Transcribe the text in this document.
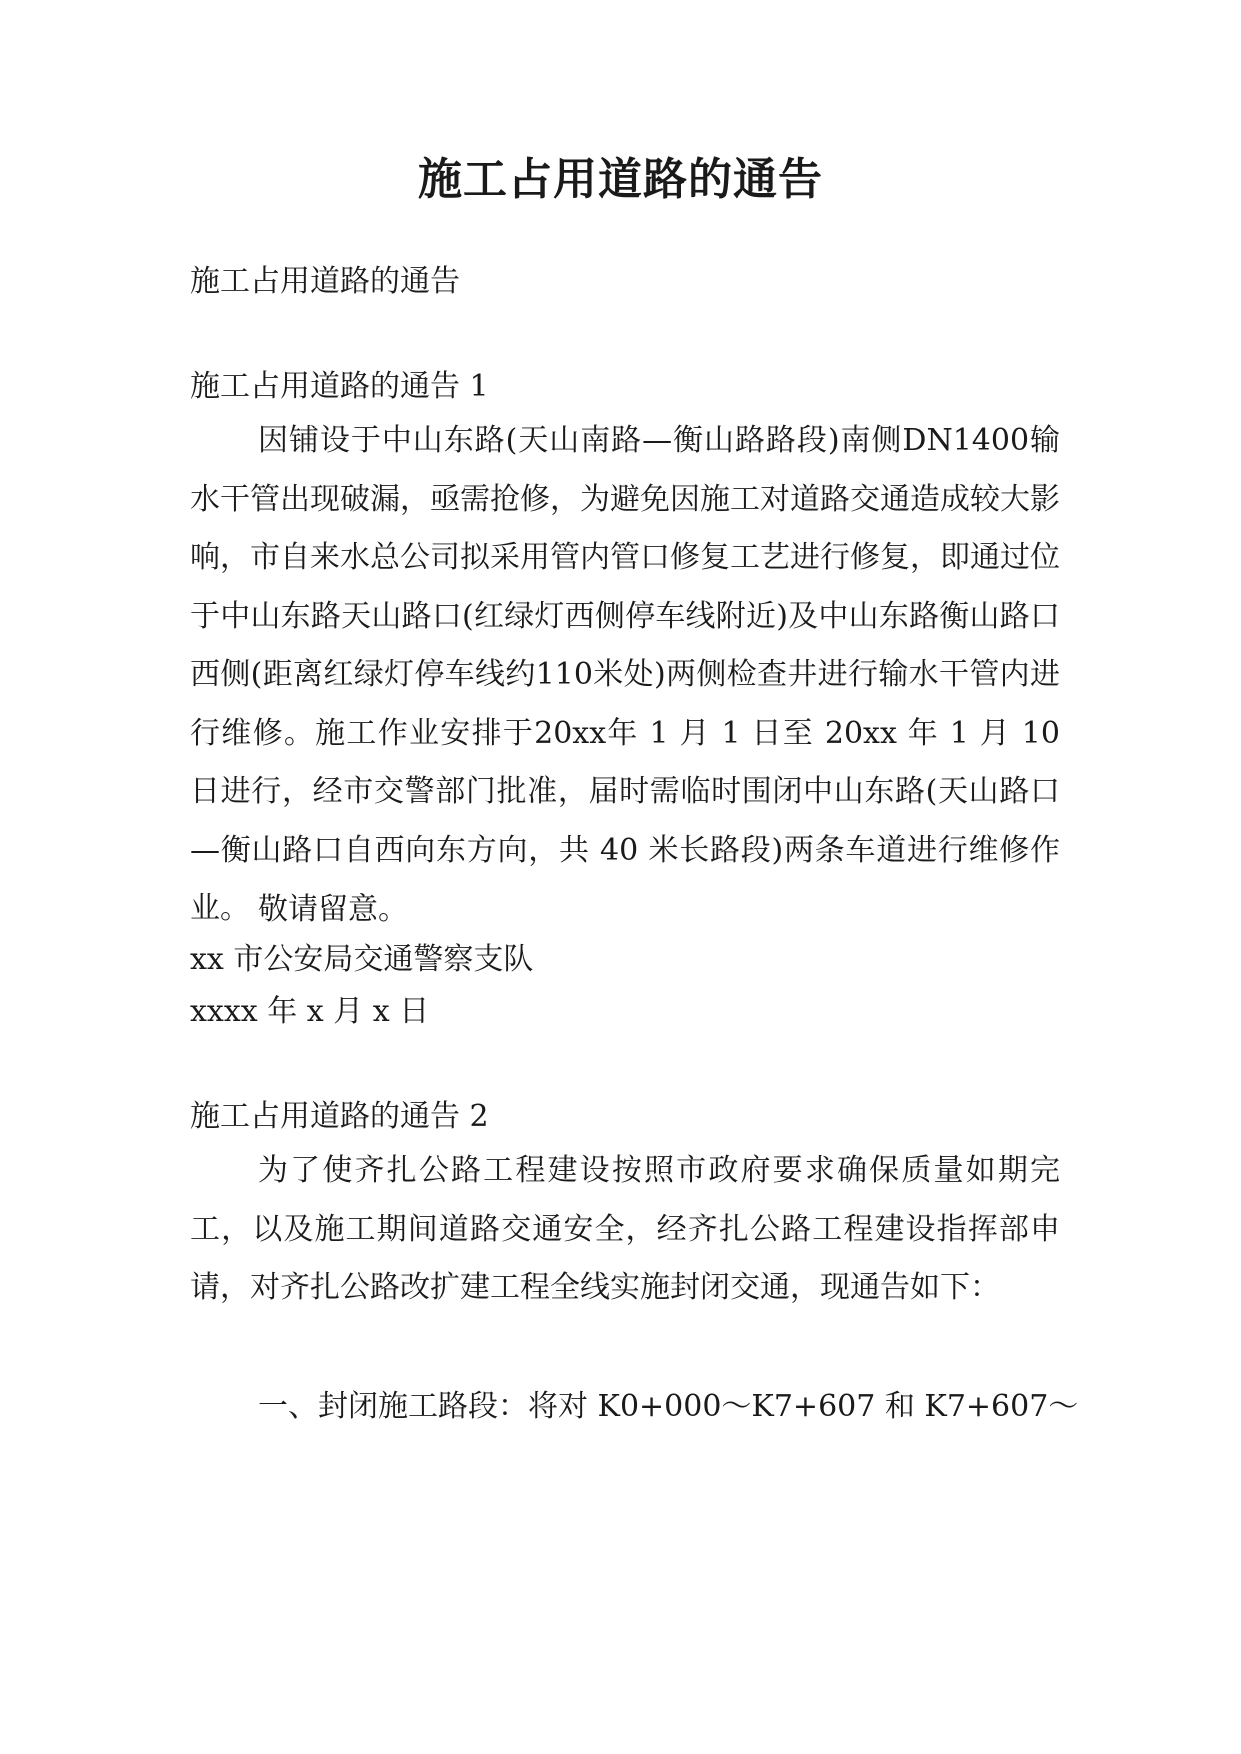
施工占用道路的通告
施工占用道路的通告
施工占用道路的通告 1

因铺设于中山东路(天山南路—衡山路路段)南侧DN1400输水干管出现破漏，亟需抢修，为避免因施工对道路交通造成较大影响，市自来水总公司拟采用管内管口修复工艺进行修复，即通过位于中山东路天山路口(红绿灯西侧停车线附近)及中山东路衡山路口西侧(距离红绿灯停车线约110米处)两侧检查井进行输水干管内进行维修。施工作业安排于20xx年 1 月 1 日至 20xx 年 1 月 10 日进行，经市交警部门批准，届时需临时围闭中山东路(天山路口—衡山路口自西向东方向，共 40 米长路段)两条车道进行维修作业。 敬请留意。
xx 市公安局交通警察支队
xxxx 年 x 月 x 日
施工占用道路的通告 2

为了使齐扎公路工程建设按照市政府要求确保质量如期完工，以及施工期间道路交通安全，经齐扎公路工程建设指挥部申请，对齐扎公路改扩建工程全线实施封闭交通，现通告如下：

一、封闭施工路段：将对 K0+000～K7+607 和 K7+607～
